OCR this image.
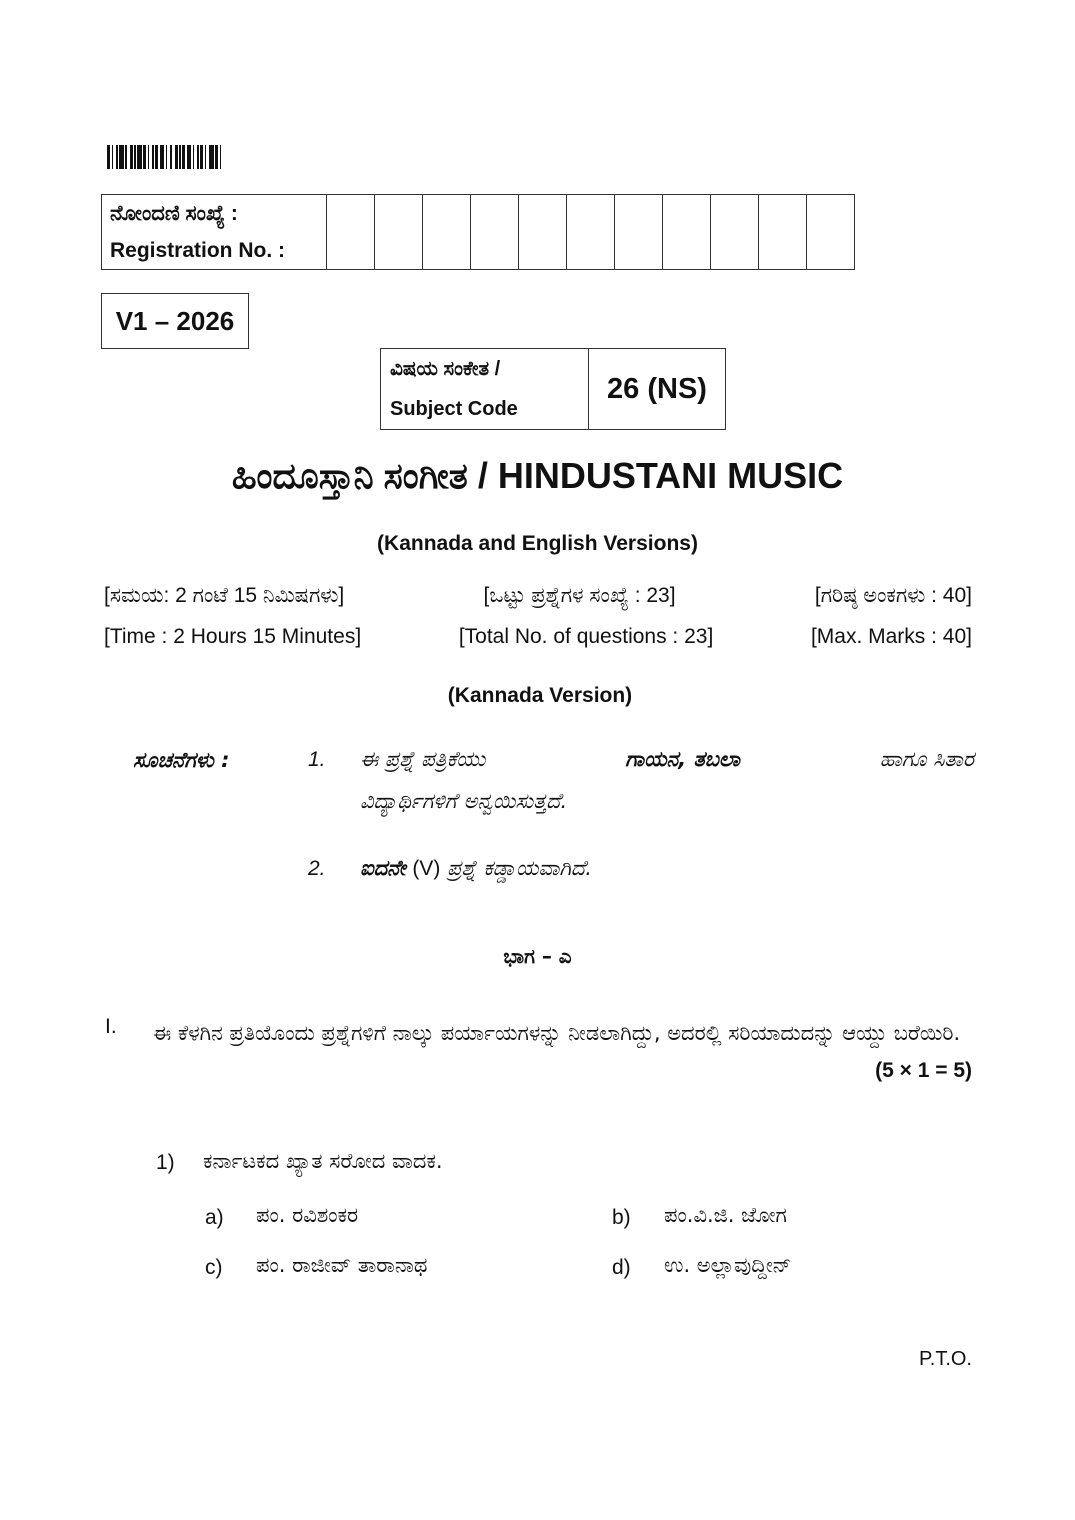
ನೋಂದಣಿ ಸಂಖ್ಯೆ :
Registration No. :

V1 – 2026
ವಿಷಯ ಸಂಕೇತ /
Subject Code
	26 (NS)
ಹಿಂದೂಸ್ತಾನಿ ಸಂಗೀತ / HINDUSTANI MUSIC
(Kannada and English Versions)
[ಸಮಯ: 2 ಗಂಟೆ 15 ನಿಮಿಷಗಳು]	[ಒಟ್ಟು ಪ್ರಶ್ನೆಗಳ ಸಂಖ್ಯೆ : 23]	[ಗರಿಷ್ಠ ಅಂಕಗಳು : 40]
[Time : 2 Hours 15 Minutes]	[Total No. of questions : 23]	[Max. Marks : 40]
(Kannada Version)
ಸೂಚನೆಗಳು :	1. ಈ ಪ್ರಶ್ನೆ ಪತ್ರಿಕೆಯು	ಗಾಯನ, ತಬಲಾ	ಹಾಗೂ ಸಿತಾರ
ವಿದ್ಯಾರ್ಥಿಗಳಿಗೆ ಅನ್ವಯಿಸುತ್ತದೆ.
2. ಐದನೇ (V) ಪ್ರಶ್ನೆ ಕಡ್ಡಾಯವಾಗಿದೆ.
ಭಾಗ – ಎ
I. ಈ ಕೆಳಗಿನ ಪ್ರತಿಯೊಂದು ಪ್ರಶ್ನೆಗಳಿಗೆ ನಾಲ್ಕು ಪರ್ಯಾಯಗಳನ್ನು ನೀಡಲಾಗಿದ್ದು, ಅದರಲ್ಲಿ ಸರಿಯಾದುದನ್ನು ಆಯ್ದು ಬರೆಯಿರಿ.
(5 × 1 = 5)
1) ಕರ್ನಾಟಕದ ಖ್ಯಾತ ಸರೋದ ವಾದಕ.
a) ಪಂ. ರವಿಶಂಕರ	b) ಪಂ.ವಿ.ಜಿ. ಜೋಗ
c) ಪಂ. ರಾಜೀವ್ ತಾರಾನಾಥ	d) ಉ. ಅಲ್ಲಾವುದ್ದೀನ್
P.T.O.
